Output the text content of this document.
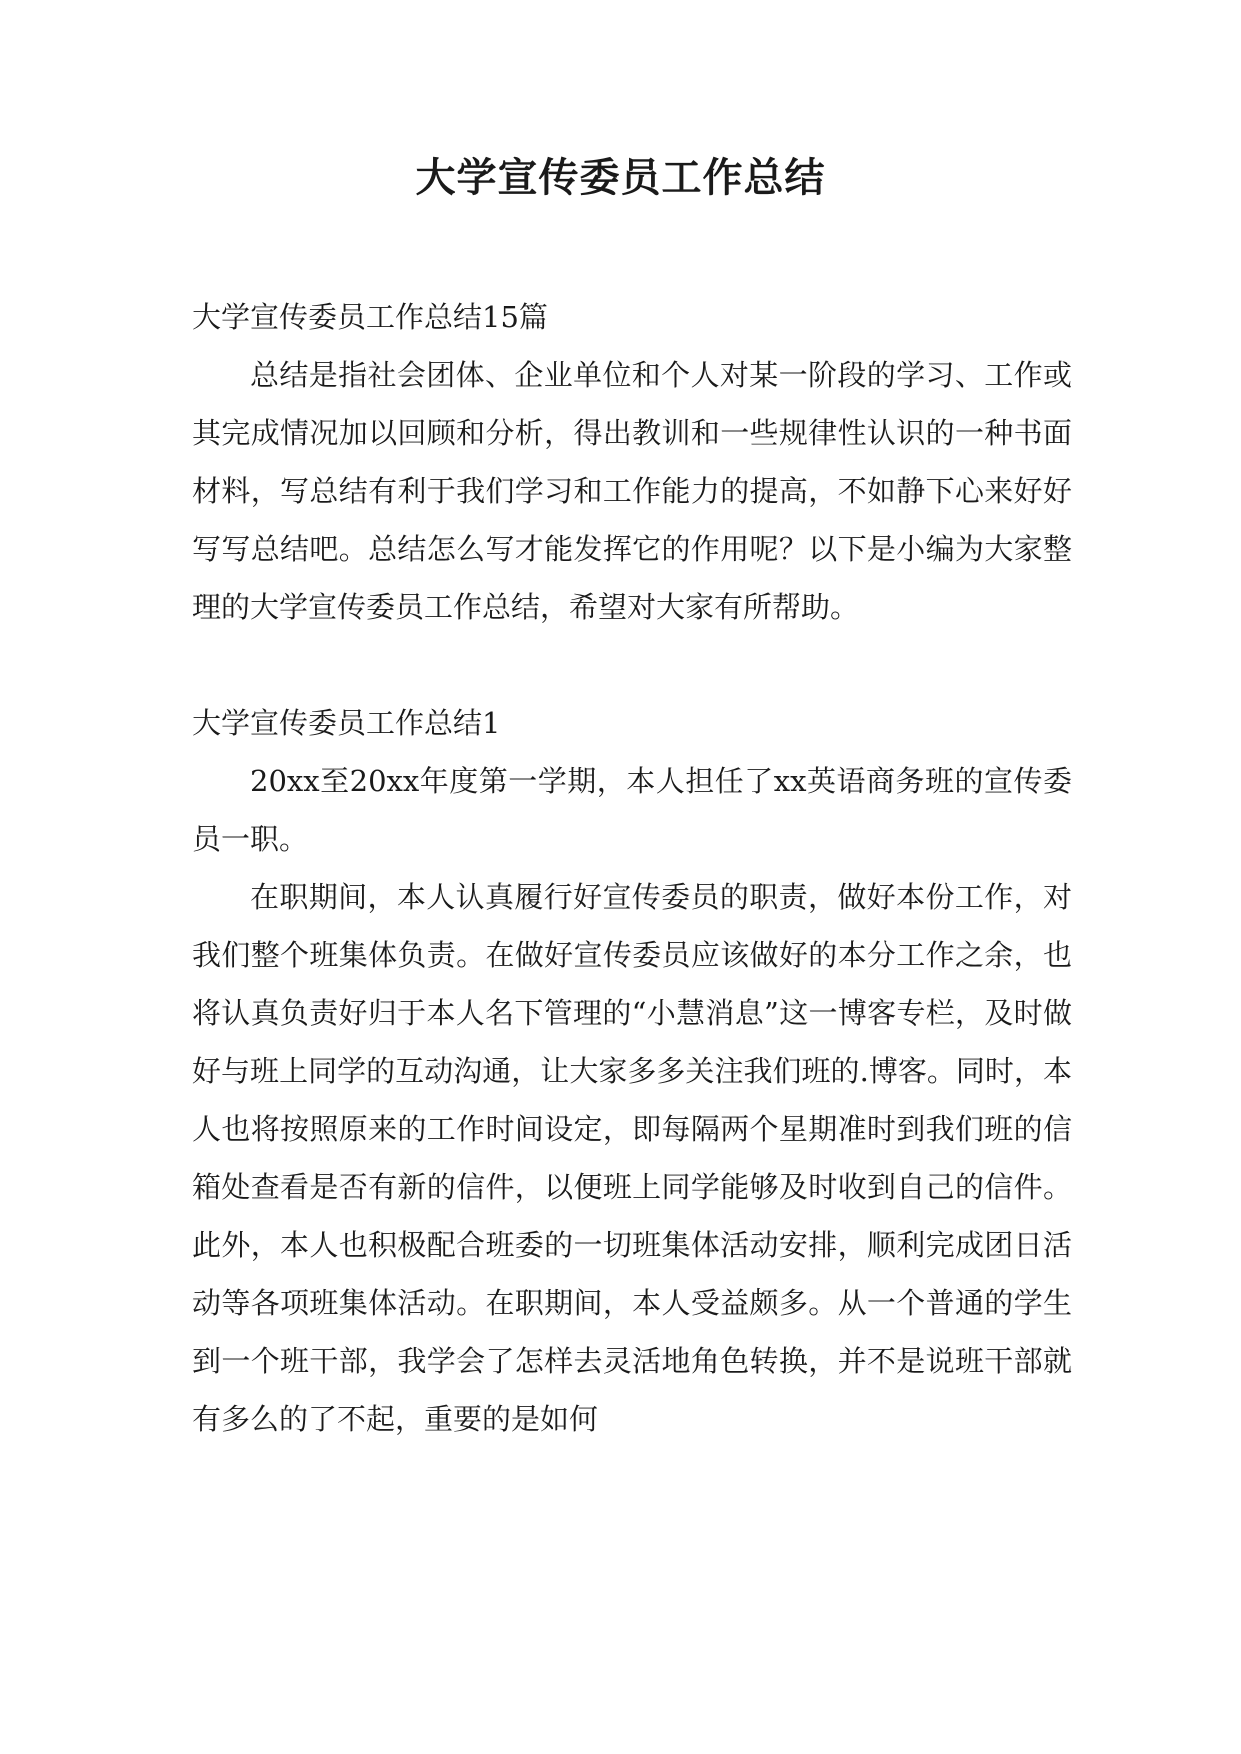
大学宣传委员工作总结

大学宣传委员工作总结15篇

总结是指社会团体、企业单位和个人对某一阶段的学习、工作或其完成情况加以回顾和分析，得出教训和一些规律性认识的一种书面材料，写总结有利于我们学习和工作能力的提高，不如静下心来好好写写总结吧。总结怎么写才能发挥它的作用呢？以下是小编为大家整理的大学宣传委员工作总结，希望对大家有所帮助。

大学宣传委员工作总结1

20xx至20xx年度第一学期，本人担任了xx英语商务班的宣传委员一职。

在职期间，本人认真履行好宣传委员的职责，做好本份工作，对我们整个班集体负责。在做好宣传委员应该做好的本分工作之余，也将认真负责好归于本人名下管理的“小慧消息”这一博客专栏，及时做好与班上同学的互动沟通，让大家多多关注我们班的.博客。同时，本人也将按照原来的工作时间设定，即每隔两个星期准时到我们班的信箱处查看是否有新的信件，以便班上同学能够及时收到自己的信件。此外，本人也积极配合班委的一切班集体活动安排，顺利完成团日活动等各项班集体活动。在职期间，本人受益颇多。从一个普通的学生到一个班干部，我学会了怎样去灵活地角色转换，并不是说班干部就有多么的了不起，重要的是如何
